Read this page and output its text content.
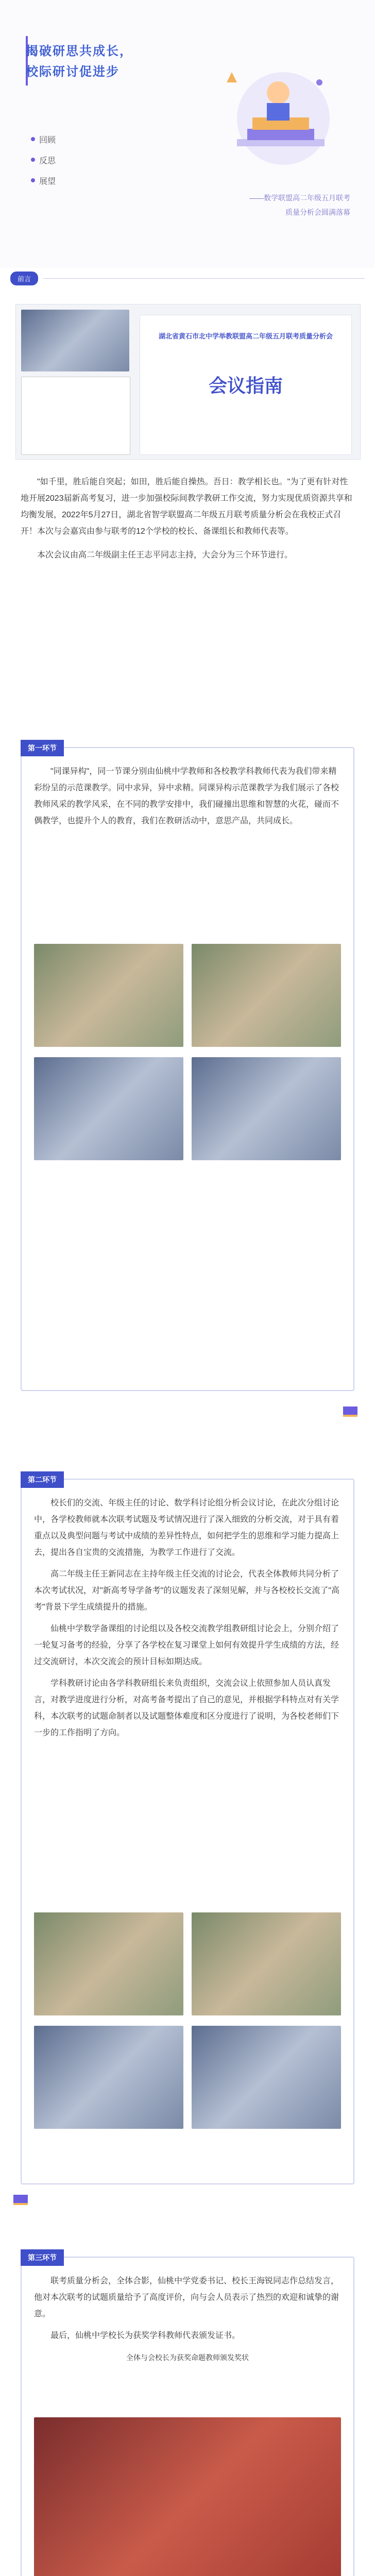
揭破研思共成长，
校际研讨促进步
回顾
反思
展望
——数学联盟高二年级五月联考
质量分析会圆满落幕
前言
湖北省黄石市北中学举教联盟高二年级五月联考质量分析会
会议指南

"如千里，胜后能自突起；如田，胜后能自操热。吾日：教学相长也。"为了更有针对性地开展2023届新高考复习，进一步加强校际间教学教研工作交流，努力实现优质资源共享和均衡发展，2022年5月27日，湖北省智学联盟高二年级五月联考质量分析会在我校正式召开！本次与会嘉宾由参与联考的12个学校的校长、备课组长和教师代表等。

本次会议由高二年级副主任王志平同志主持，大会分为三个环节进行。

第一环节

"同课异构"，同一节课分别由仙桃中学教师和各校教学科教师代表为我们带来精彩纷呈的示范课教学。同中求异，异中求精。同课异构示范课教学为我们展示了各校教师风采的教学风采，在不同的教学安排中，我们碰撞出思维和智慧的火花，碰而不偶教学，也提升个人的教育，我们在教研活动中，意思产品，共同成长。

第二环节

校长们的交流、年级主任的讨论、数学科讨论组分析会议讨论，在此次分组讨论中，各学校教师就本次联考试题及考试情况进行了深入细致的分析交流，对于具有着重点以及典型问题与考试中成绩的差异性特点，如何把学生的思维和学习能力提高上去，提出各自宝贵的交流措施，为教学工作进行了交流。

高二年级主任王新同志在主持年级主任交流的讨论会，代表全体教师共同分析了本次考试状况，对"新高考导学备考"的议题发表了深刻见解，并与各校校长交流了"高考"背景下学生成绩提升的措施。

仙桃中学数学备课组的讨论组以及各校交流教学组教研组讨论会上，分别介绍了一轮复习备考的经验，分享了各学校在复习课堂上如何有效提升学生成绩的方法，经过交流研讨，本次交流会的预计目标如期达成。

学科教研讨论由各学科教研组长来负责组织，交流会议上依照参加人员认真发言，对教学进度进行分析，对高考备考提出了自己的意见，并根据学科特点对有关学科，本次联考的试题命制者以及试题整体难度和区分度进行了说明，为各校老师们下一步的工作指明了方向。

第三环节

联考质量分析会，全体合影，仙桃中学党委书记、校长王海锐同志作总结发言，他对本次联考的试题质量给予了高度评价，向与会人员表示了热烈的欢迎和诚挚的谢意。

最后，仙桃中学校长为获奖学科教师代表颁发证书。

全体与会校长为获奖命题教师颁发奖状
